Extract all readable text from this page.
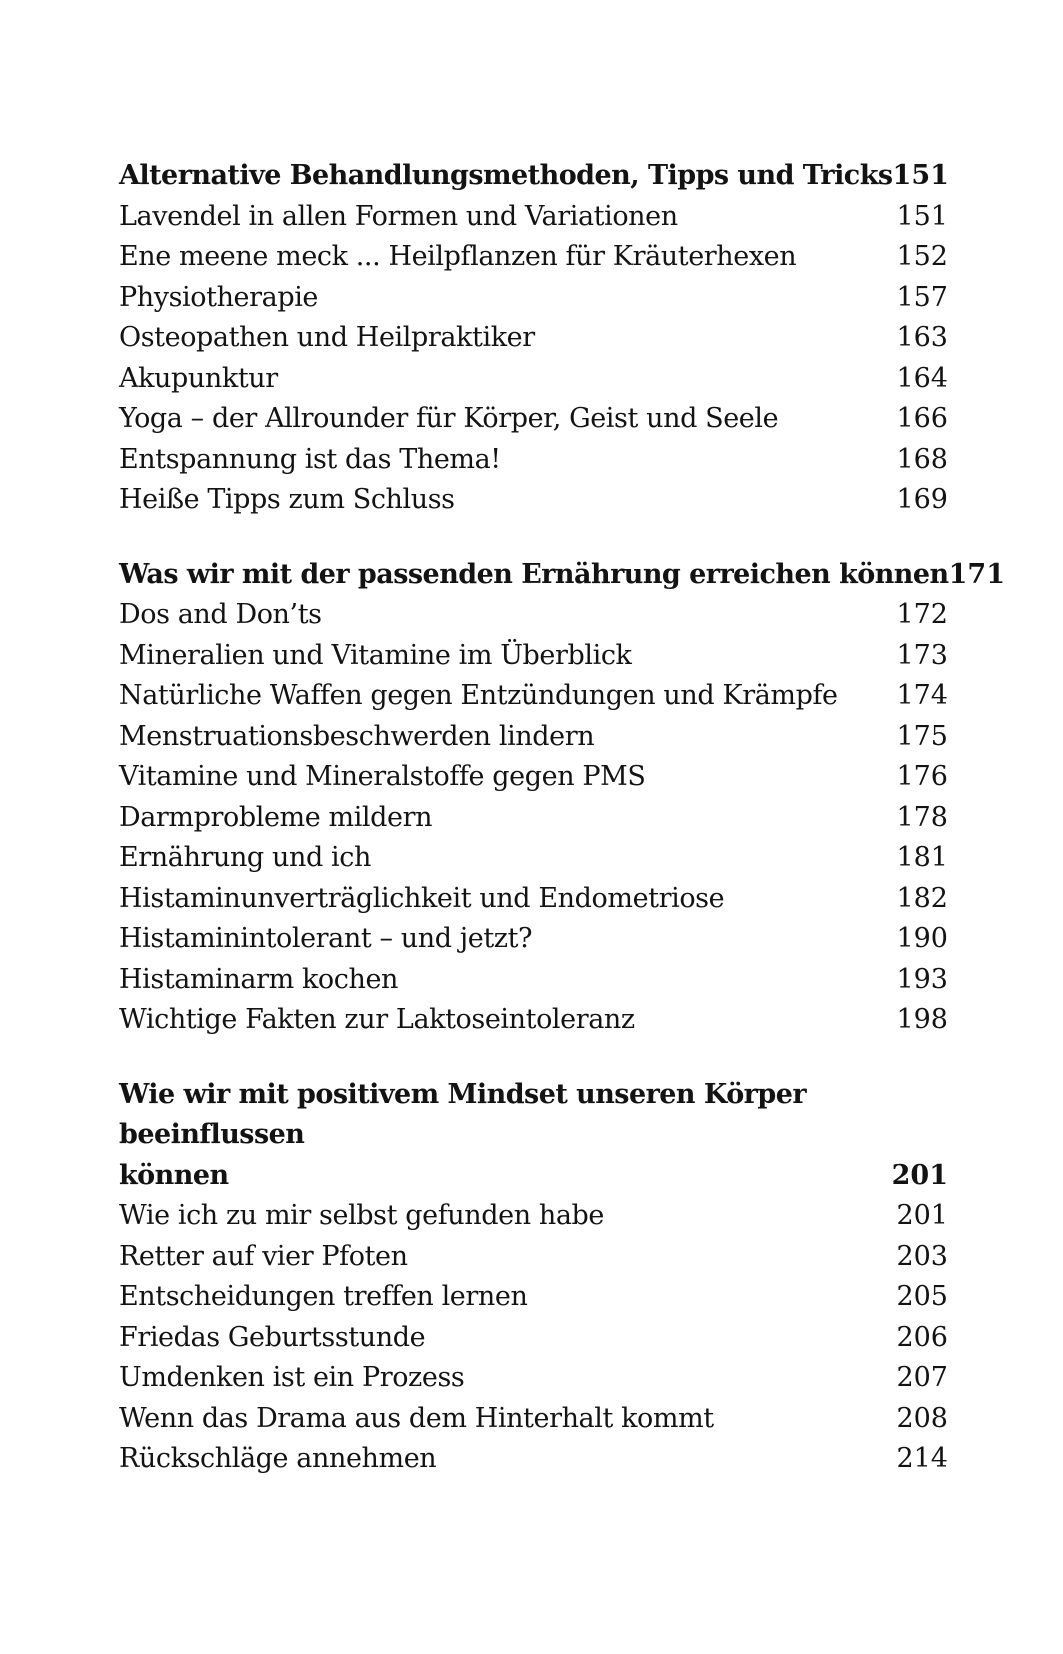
Alternative Behandlungsmethoden, Tipps und Tricks 151
Lavendel in allen Formen und Variationen	151
Ene meene meck ... Heilpflanzen für Kräuterhexen	152
Physiotherapie	157
Osteopathen und Heilpraktiker	163
Akupunktur	164
Yoga – der Allrounder für Körper, Geist und Seele	166
Entspannung ist das Thema!	168
Heiße Tipps zum Schluss	169
Was wir mit der passenden Ernährung erreichen können 171
Dos and Don’ts	172
Mineralien und Vitamine im Überblick	173
Natürliche Waffen gegen Entzündungen und Krämpfe 174
Menstruationsbeschwerden lindern	175
Vitamine und Mineralstoffe gegen PMS	176
Darmprobleme mildern	178
Ernährung und ich	181
Histaminunverträglichkeit und Endometriose	182
Histaminintolerant – und jetzt?	190
Histaminarm kochen	193
Wichtige Fakten zur Laktoseintoleranz	198
Wie wir mit positivem Mindset unseren Körper beeinflussen
können	201
Wie ich zu mir selbst gefunden habe	201
Retter auf vier Pfoten	203
Entscheidungen treffen lernen	205
Friedas Geburtsstunde	206
Umdenken ist ein Prozess	207
Wenn das Drama aus dem Hinterhalt kommt	208
Rückschläge annehmen	214
